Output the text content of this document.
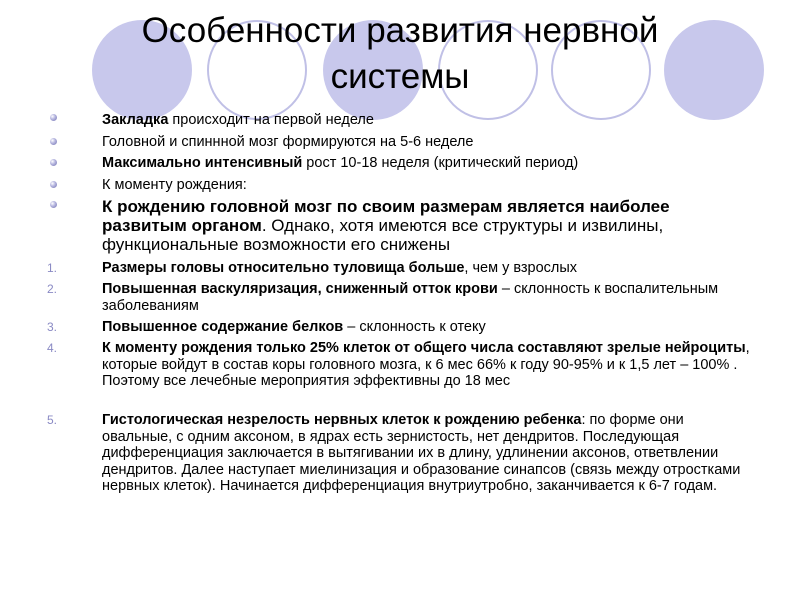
Особенности развития нервной
системы
Закладка происходит на первой неделе
Головной и спиннной мозг формируются на 5-6 неделе
Максимально интенсивный рост 10-18 неделя (критический период)
К моменту рождения:
К рождению головной мозг по своим размерам является наиболее развитым органом. Однако, хотя имеются все структуры и извилины, функциональные возможности его снижены
1.	Размеры головы относительно туловища больше, чем у взрослых
2.	Повышенная васкуляризация, сниженный отток крови – склонность к воспалительным заболеваниям
3.	Повышенное содержание белков – склонность к отеку
4.	К моменту рождения только 25% клеток от общего числа составляют зрелые нейроциты, которые войдут в состав коры головного мозга, к 6 мес 66% к году 90-95% и к 1,5 лет – 100% . Поэтому все лечебные мероприятия эффективны до 18 мес
5.	Гистологическая незрелость нервных клеток к рождению ребенка: по форме они овальные, с одним аксоном, в ядрах есть зернистость, нет дендритов. Последующая дифференциация заключается в вытягивании их в длину, удлинении аксонов, ответвлении дендритов. Далее наступает миелинизация и образование синапсов (связь между отростками нервных клеток). Начинается дифференциация внутриутробно, заканчивается к 6-7 годам.
